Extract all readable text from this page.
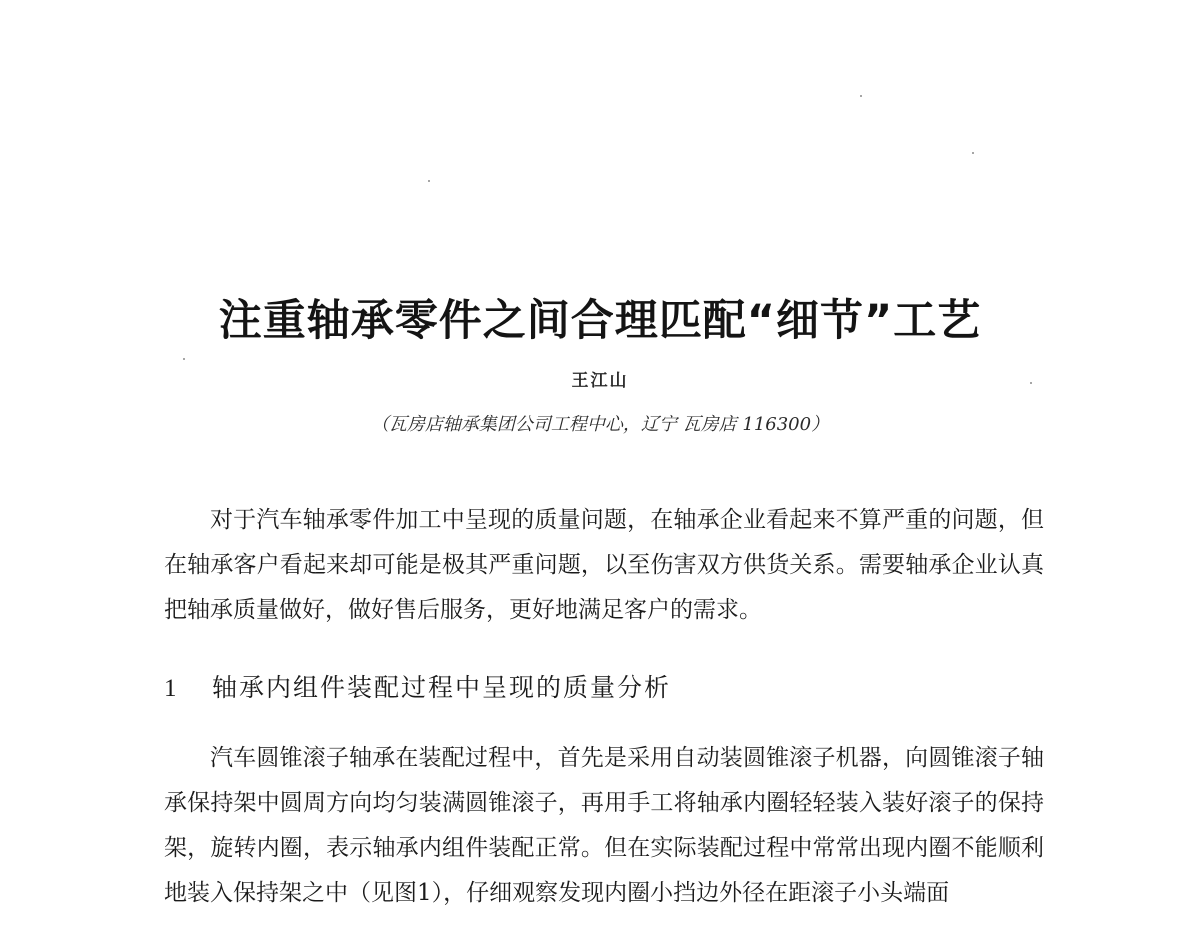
注重轴承零件之间合理匹配“细节”工艺
王江山
（瓦房店轴承集团公司工程中心，辽宁 瓦房店 116300）

对于汽车轴承零件加工中呈现的质量问题，在轴承企业看起来不算严重的问题，但在轴承客户看起来却可能是极其严重问题，以至伤害双方供货关系。需要轴承企业认真把轴承质量做好，做好售后服务，更好地满足客户的需求。

1 轴承内组件装配过程中呈现的质量分析

汽车圆锥滚子轴承在装配过程中，首先是采用自动装圆锥滚子机器，向圆锥滚子轴承保持架中圆周方向均匀装满圆锥滚子，再用手工将轴承内圈轻轻装入装好滚子的保持架，旋转内圈，表示轴承内组件装配正常。但在实际装配过程中常常出现内圈不能顺利地装入保持架之中（见图1），仔细观察发现内圈小挡边外径在距滚子小头端面
